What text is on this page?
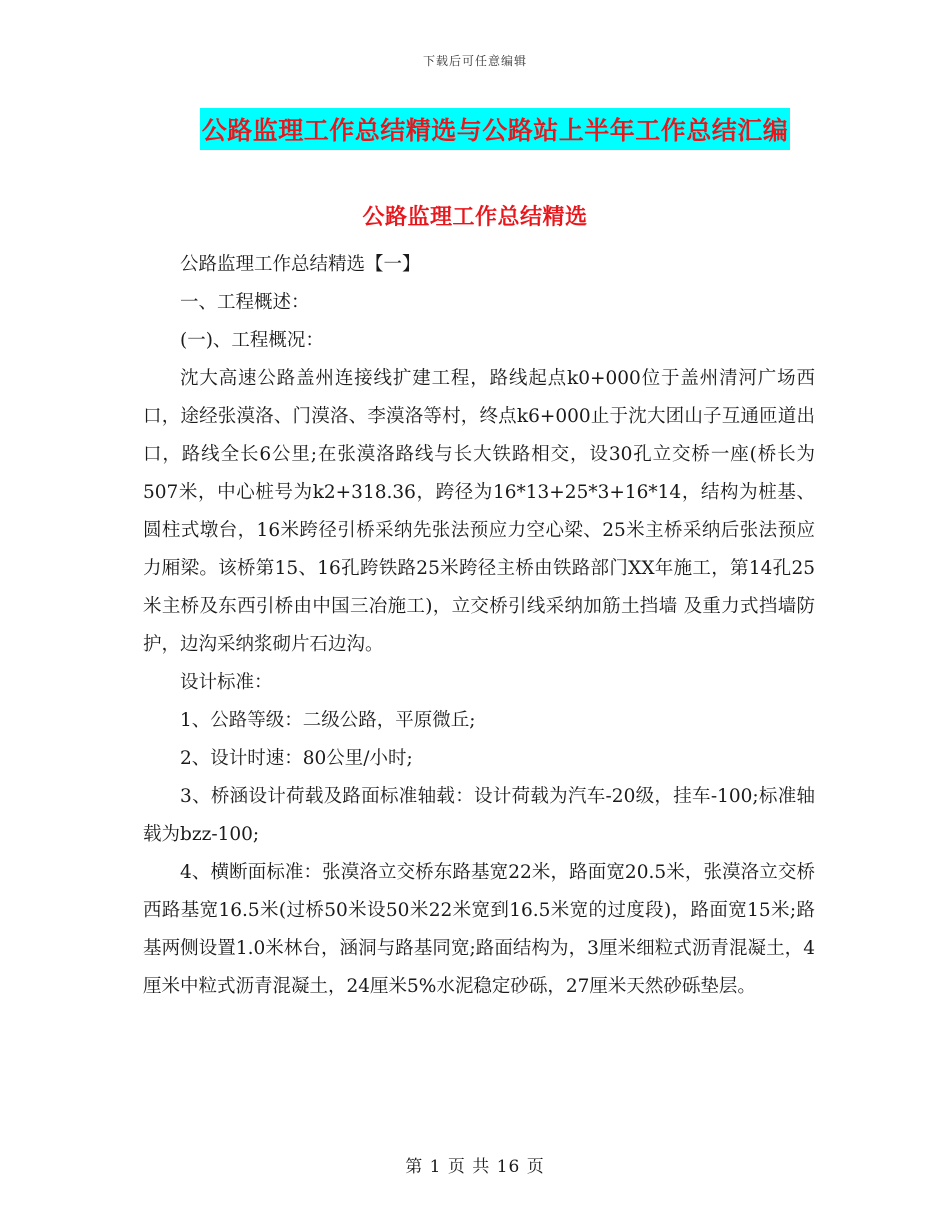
下载后可任意编辑
公路监理工作总结精选与公路站上半年工作总结汇编
公路监理工作总结精选

公路监理工作总结精选【一】

一、工程概述：

(一)、工程概况：

沈大高速公路盖州连接线扩建工程，路线起点k0+000位于盖州清河广场西口，途经张漠洛、门漠洛、李漠洛等村，终点k6+000止于沈大团山子互通匝道出口，路线全长6公里;在张漠洛路线与长大铁路相交，设30孔立交桥一座(桥长为507米，中心桩号为k2+318.36，跨径为16*13+25*3+16*14，结构为桩基、圆柱式墩台，16米跨径引桥采纳先张法预应力空心梁、25米主桥采纳后张法预应力厢梁。该桥第15、16孔跨铁路25米跨径主桥由铁路部门XX年施工，第14孔25米主桥及东西引桥由中国三冶施工)，立交桥引线采纳加筋土挡墙 及重力式挡墙防护，边沟采纳浆砌片石边沟。

设计标准：

1、公路等级：二级公路，平原微丘;

2、设计时速：80公里/小时;

3、桥涵设计荷载及路面标准轴载：设计荷载为汽车-20级，挂车-100;标准轴载为bzz-100;

4、横断面标准：张漠洛立交桥东路基宽22米，路面宽20.5米，张漠洛立交桥西路基宽16.5米(过桥50米设50米22米宽到16.5米宽的过度段)，路面宽15米;路基两侧设置1.0米林台，涵洞与路基同宽;路面结构为，3厘米细粒式沥青混凝土，4厘米中粒式沥青混凝土，24厘米5%水泥稳定砂砾，27厘米天然砂砾垫层。

第 1 页 共 16 页
